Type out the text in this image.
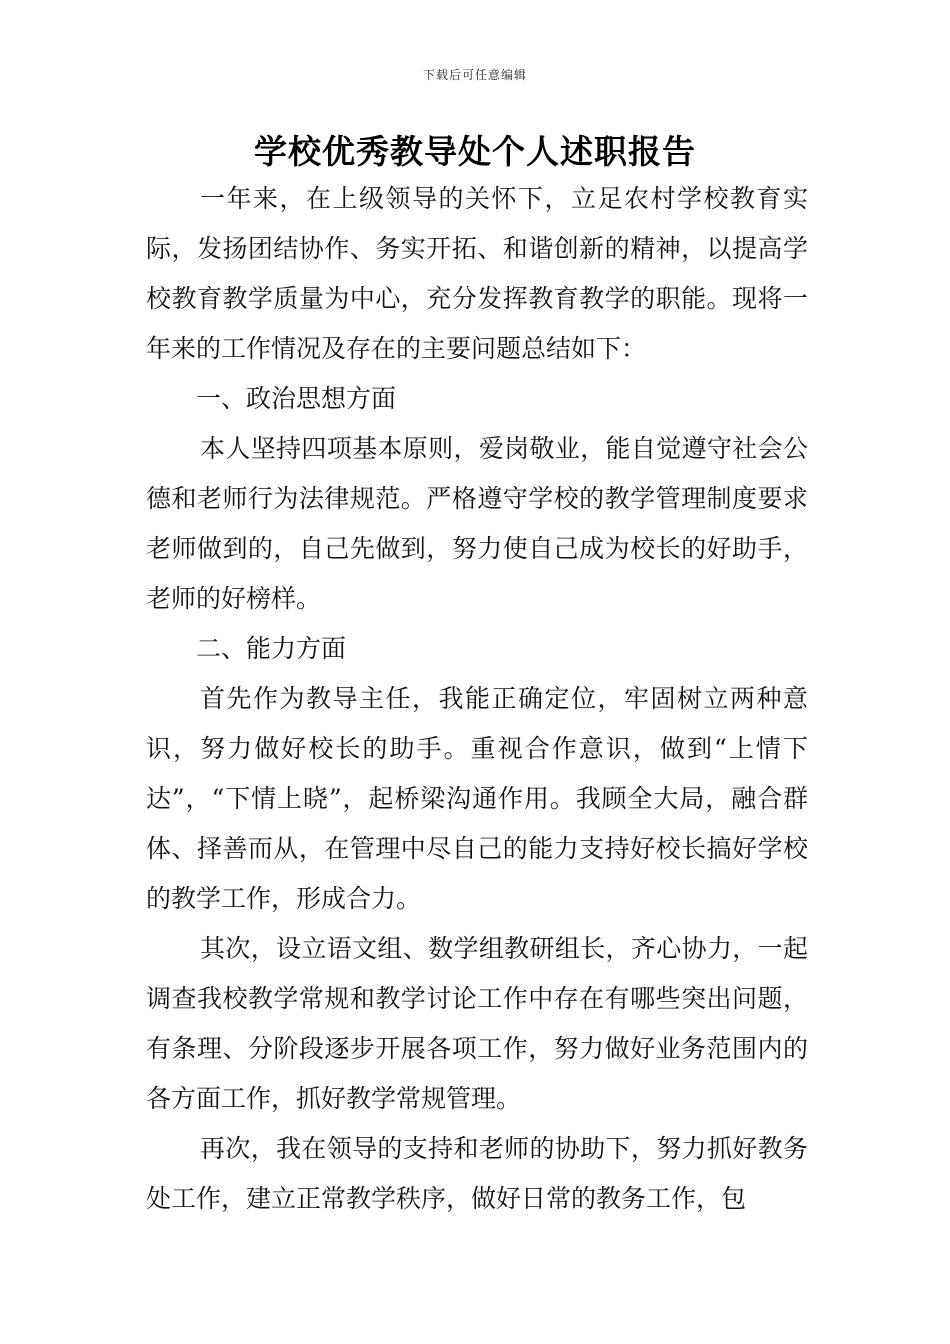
下载后可任意编辑
学校优秀教导处个人述职报告

一年来，在上级领导的关怀下，立足农村学校教育实际，发扬团结协作、务实开拓、和谐创新的精神，以提高学校教育教学质量为中心，充分发挥教育教学的职能。现将一年来的工作情况及存在的主要问题总结如下：

一、政治思想方面

本人坚持四项基本原则，爱岗敬业，能自觉遵守社会公德和老师行为法律规范。严格遵守学校的教学管理制度要求老师做到的，自己先做到，努力使自己成为校长的好助手，老师的好榜样。

二、能力方面

首先作为教导主任，我能正确定位，牢固树立两种意识，努力做好校长的助手。重视合作意识，做到“上情下达”，“下情上晓”，起桥梁沟通作用。我顾全大局，融合群体、择善而从，在管理中尽自己的能力支持好校长搞好学校的教学工作，形成合力。

其次，设立语文组、数学组教研组长，齐心协力，一起调查我校教学常规和教学讨论工作中存在有哪些突出问题，有条理、分阶段逐步开展各项工作，努力做好业务范围内的各方面工作，抓好教学常规管理。

再次，我在领导的支持和老师的协助下，努力抓好教务处工作，建立正常教学秩序，做好日常的教务工作，包
